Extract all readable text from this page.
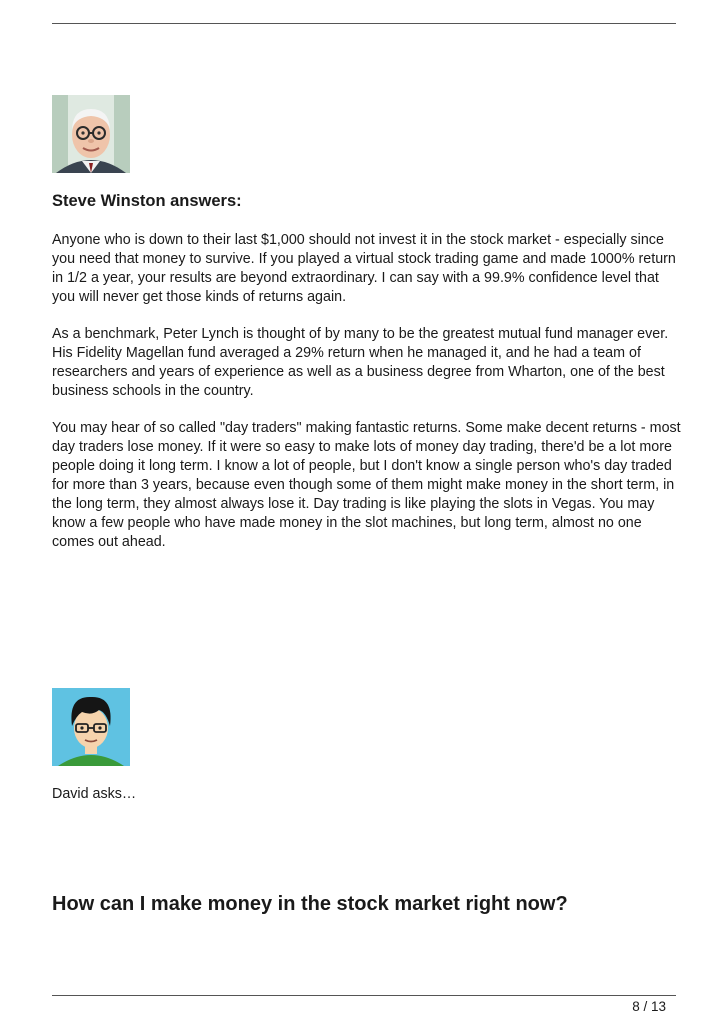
Steve Winston answers:

Anyone who is down to their last $1,000 should not invest it in the stock market - especially since you need that money to survive. If you played a virtual stock trading game and made 1000% return in 1/2 a year, your results are beyond extraordinary. I can say with a 99.9% confidence level that you will never get those kinds of returns again.

As a benchmark, Peter Lynch is thought of by many to be the greatest mutual fund manager ever. His Fidelity Magellan fund averaged a 29% return when he managed it, and he had a team of researchers and years of experience as well as a business degree from Wharton, one of the best business schools in the country.

You may hear of so called "day traders" making fantastic returns. Some make decent returns - most day traders lose money. If it were so easy to make lots of money day trading, there'd be a lot more people doing it long term. I know a lot of people, but I don't know a single person who's day traded for more than 3 years, because even though some of them might make money in the short term, in the long term, they almost always lose it. Day trading is like playing the slots in Vegas. You may know a few people who have made money in the slot machines, but long term, almost no one comes out ahead.

David asks…
How can I make money in the stock market right now?
8 / 13
